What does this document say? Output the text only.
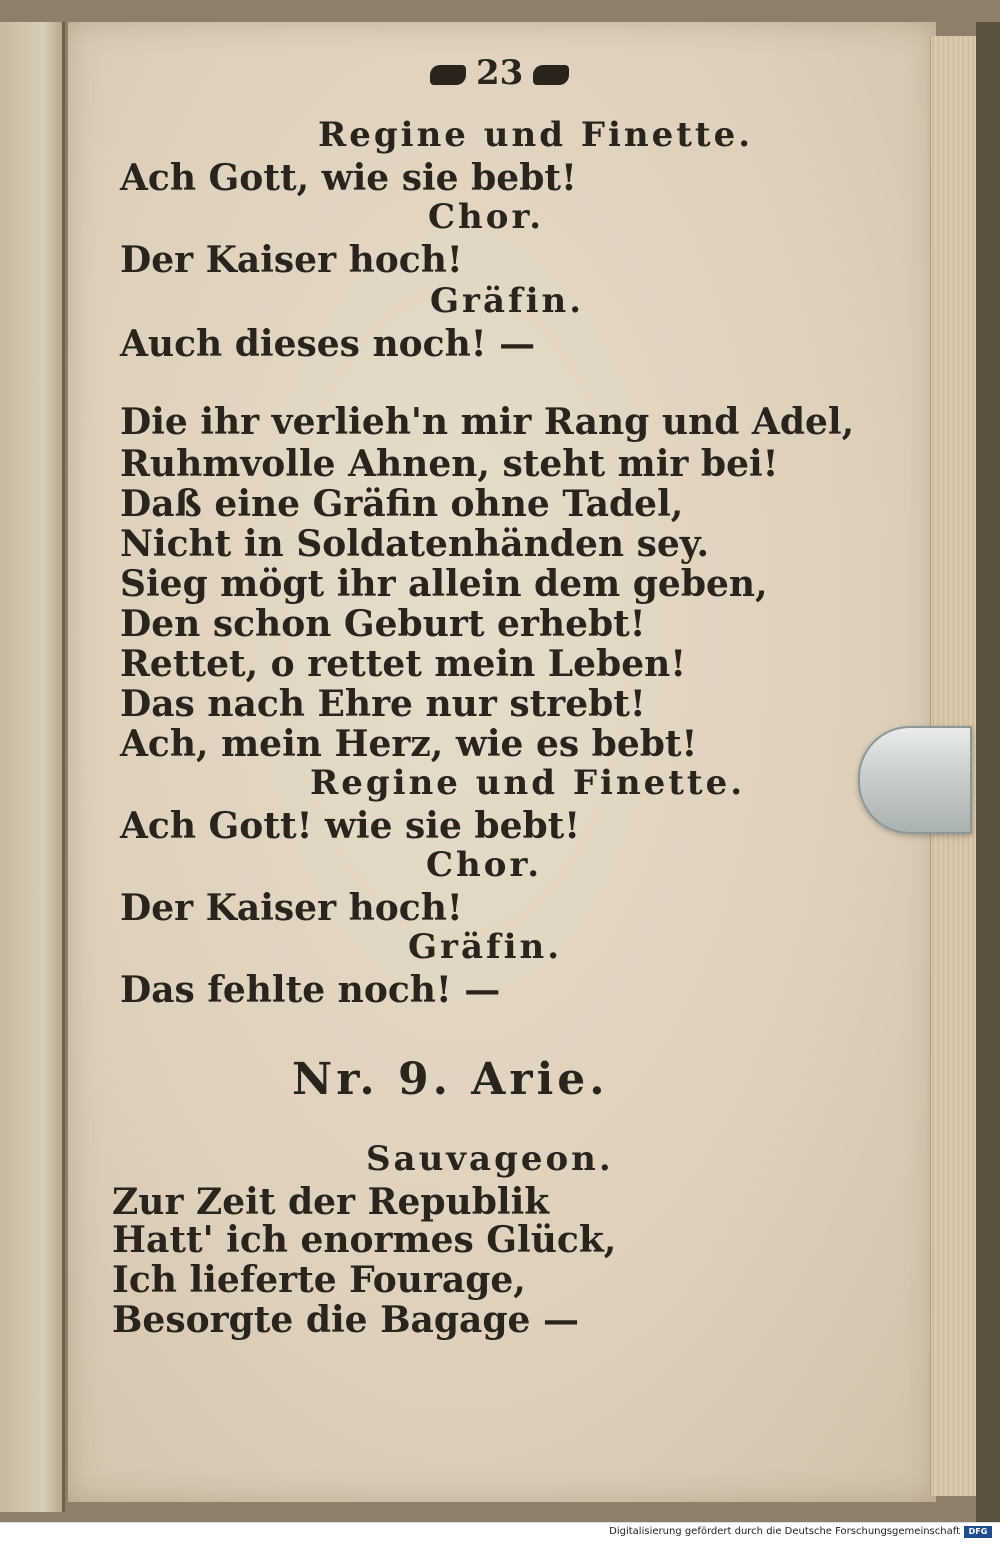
23
Regine und Finette.
Ach Gott, wie sie bebt!
Chor.
Der Kaiser hoch!
Gräfin.
Auch dieses noch! —
Die ihr verlieh'n mir Rang und Adel,
Ruhmvolle Ahnen, steht mir bei!
Daß eine Gräfin ohne Tadel,
Nicht in Soldatenhänden sey.
Sieg mögt ihr allein dem geben,
Den schon Geburt erhebt!
Rettet, o rettet mein Leben!
Das nach Ehre nur strebt!
Ach, mein Herz, wie es bebt!
Regine und Finette.
Ach Gott! wie sie bebt!
Chor.
Der Kaiser hoch!
Gräfin.
Das fehlte noch! —
Nr. 9. Arie.
Sauvageon.
Zur Zeit der Republik
Hatt' ich enormes Glück,
Ich lieferte Fourage,
Besorgte die Bagage —
Digitalisierung gefördert durch die Deutsche Forschungsgemeinschaft	DFG
